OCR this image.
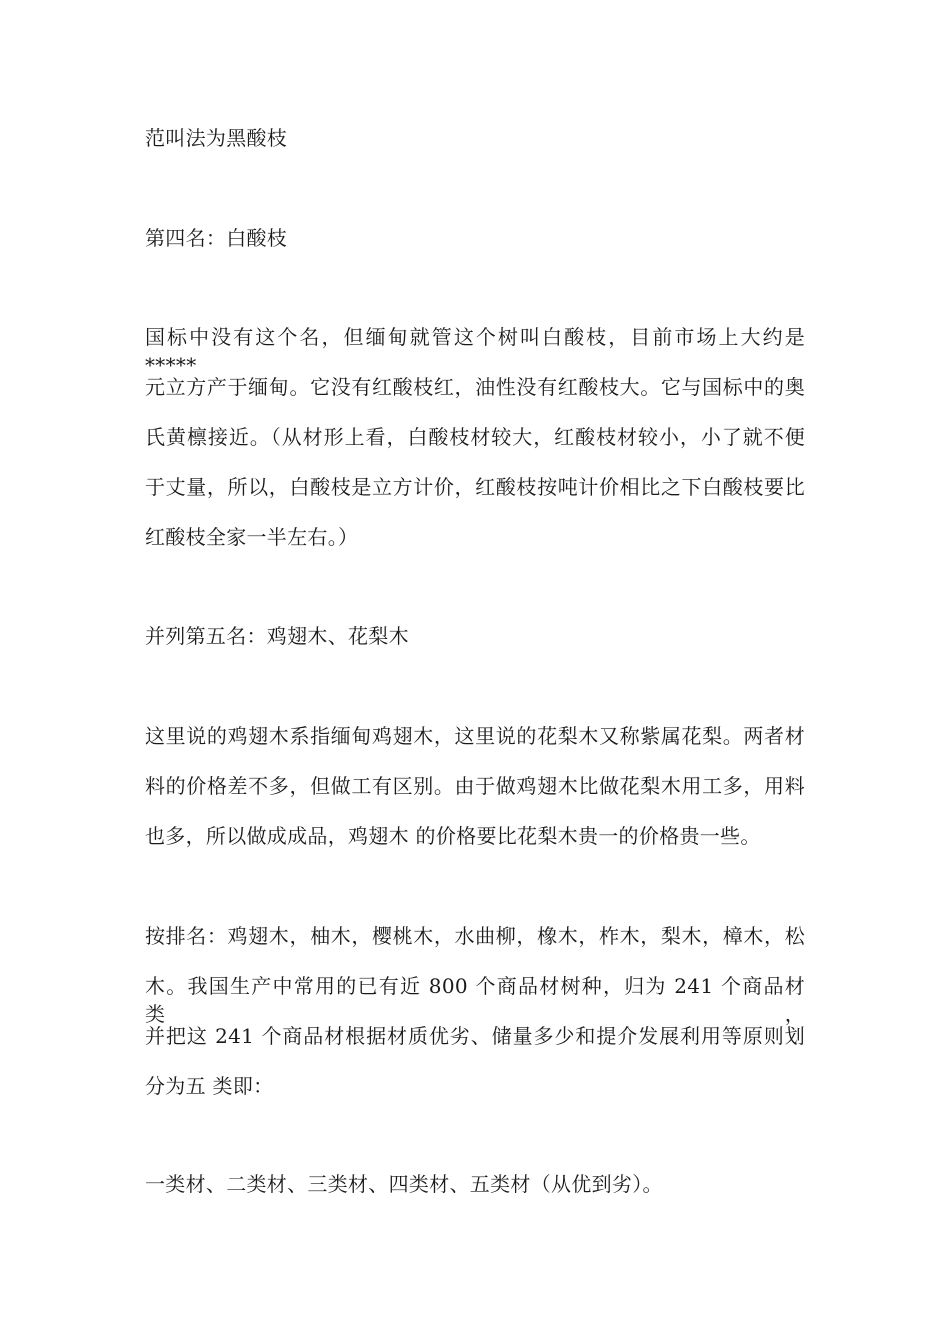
范叫法为黑酸枝
第四名：白酸枝
国标中没有这个名，但缅甸就管这个树叫白酸枝，目前市场上大约是*****
元立方产于缅甸。它没有红酸枝红，油性没有红酸枝大。它与国标中的奥
氏黄檩接近。（从材形上看，白酸枝材较大，红酸枝材较小，小了就不便
于丈量，所以，白酸枝是立方计价，红酸枝按吨计价相比之下白酸枝要比
红酸枝全家一半左右。）
并列第五名：鸡翅木、花梨木
这里说的鸡翅木系指缅甸鸡翅木，这里说的花梨木又称紫属花梨。两者材
料的价格差不多，但做工有区别。由于做鸡翅木比做花梨木用工多，用料
也多，所以做成成品，鸡翅木 的价格要比花梨木贵一的价格贵一些。
按排名：鸡翅木，柚木，樱桃木，水曲柳，橡木，柞木，梨木，樟木，松
木。我国生产中常用的已有近 800 个商品材树种，归为 241 个商品材类，
并把这 241 个商品材根据材质优劣、储量多少和提介发展利用等原则划
分为五 类即：
一类材、二类材、三类材、四类材、五类材（从优到劣）。
